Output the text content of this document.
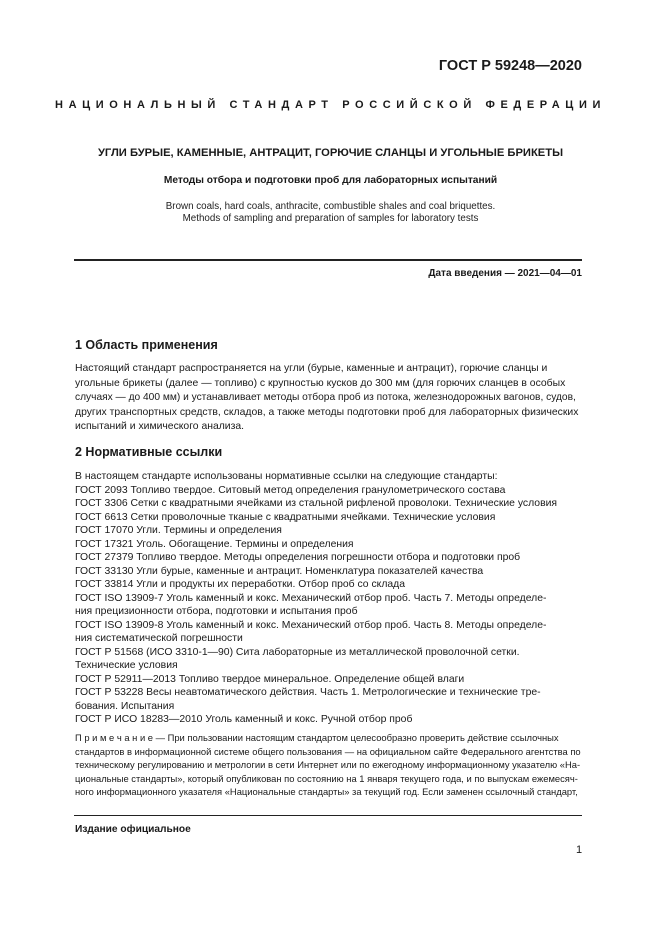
ГОСТ Р 59248—2020
НАЦИОНАЛЬНЫЙ СТАНДАРТ РОССИЙСКОЙ ФЕДЕРАЦИИ
УГЛИ БУРЫЕ, КАМЕННЫЕ, АНТРАЦИТ, ГОРЮЧИЕ СЛАНЦЫ И УГОЛЬНЫЕ БРИКЕТЫ
Методы отбора и подготовки проб для лабораторных испытаний
Brown coals, hard coals, anthracite, combustible shales and coal briquettes.
Methods of sampling and preparation of samples for laboratory tests
Дата введения — 2021—04—01
1 Область применения
Настоящий стандарт распространяется на угли (бурые, каменные и антрацит), горючие сланцы и
угольные брикеты (далее — топливо) с крупностью кусков до 300 мм (для горючих сланцев в особых
случаях — до 400 мм) и устанавливает методы отбора проб из потока, железнодорожных вагонов, судов,
других транспортных средств, складов, а также методы подготовки проб для лабораторных физических
испытаний и химического анализа.
2 Нормативные ссылки
В настоящем стандарте использованы нормативные ссылки на следующие стандарты:
ГОСТ 2093 Топливо твердое. Ситовый метод определения гранулометрического состава
ГОСТ 3306 Сетки с квадратными ячейками из стальной рифленой проволоки. Технические условия
ГОСТ 6613 Сетки проволочные тканые с квадратными ячейками. Технические условия
ГОСТ 17070 Угли. Термины и определения
ГОСТ 17321 Уголь. Обогащение. Термины и определения
ГОСТ 27379 Топливо твердое. Методы определения погрешности отбора и подготовки проб
ГОСТ 33130 Угли бурые, каменные и антрацит. Номенклатура показателей качества
ГОСТ 33814 Угли и продукты их переработки. Отбор проб со склада
ГОСТ ISO 13909-7 Уголь каменный и кокс. Механический отбор проб. Часть 7. Методы определе-
ния прецизионности отбора, подготовки и испытания проб
ГОСТ ISO 13909-8 Уголь каменный и кокс. Механический отбор проб. Часть 8. Методы определе-
ния систематической погрешности
ГОСТ Р 51568 (ИСО 3310-1—90) Сита лабораторные из металлической проволочной сетки.
Технические условия
ГОСТ Р 52911—2013 Топливо твердое минеральное. Определение общей влаги
ГОСТ Р 53228 Весы неавтоматического действия. Часть 1. Метрологические и технические тре-
бования. Испытания
ГОСТ Р ИСО 18283—2010 Уголь каменный и кокс. Ручной отбор проб
П р и м е ч а н и е — При пользовании настоящим стандартом целесообразно проверить действие ссылочных
стандартов в информационной системе общего пользования — на официальном сайте Федерального агентства по
техническому регулированию и метрологии в сети Интернет или по ежегодному информационному указателю «На-
циональные стандарты», который опубликован по состоянию на 1 января текущего года, и по выпускам ежемесяч-
ного информационного указателя «Национальные стандарты» за текущий год. Если заменен ссылочный стандарт,
Издание официальное
1
